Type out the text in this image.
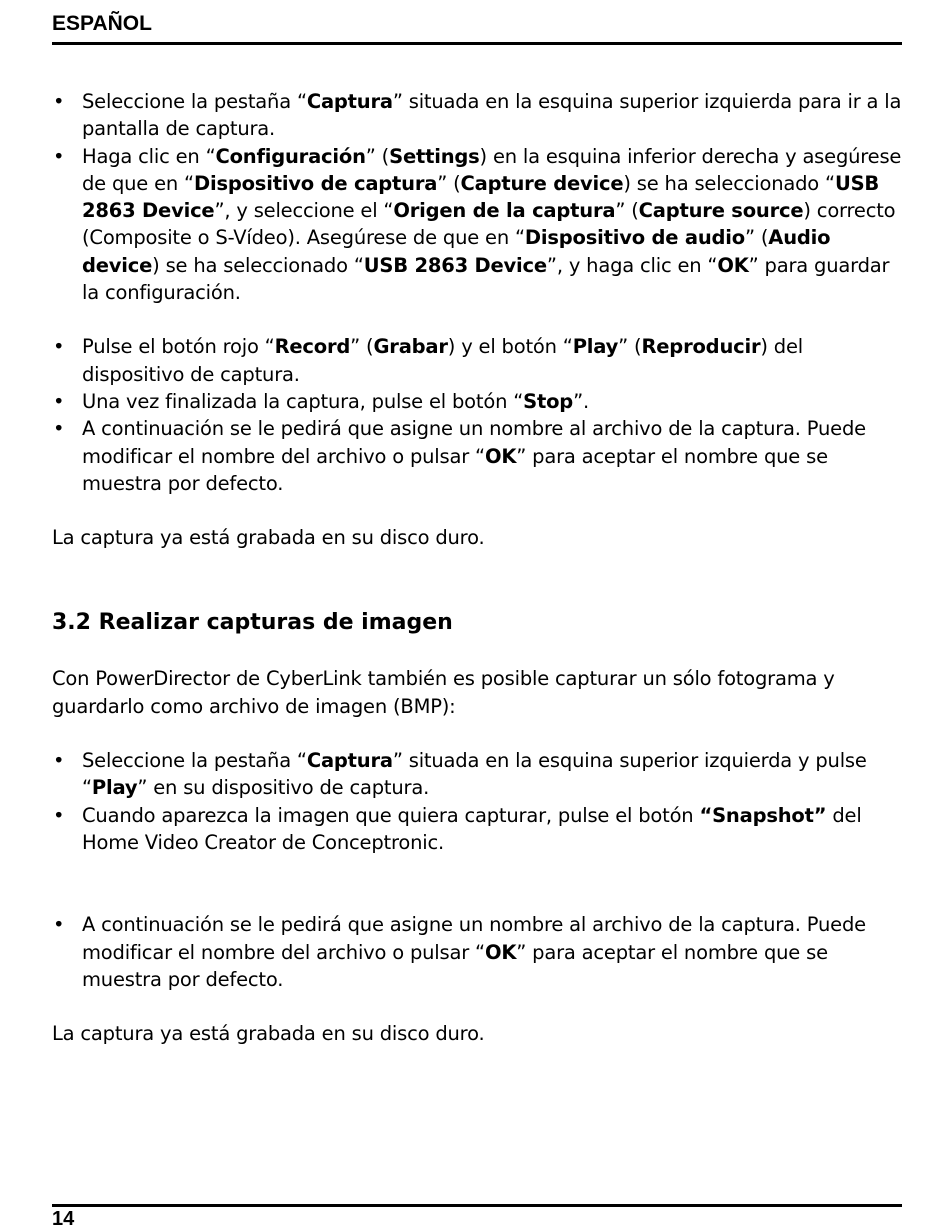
ESPAÑOL
• Seleccione la pestaña “Captura” situada en la esquina superior izquierda para ir a la pantalla de captura.
• Haga clic en “Configuración” (Settings) en la esquina inferior derecha y asegúrese de que en “Dispositivo de captura” (Capture device) se ha seleccionado “USB 2863 Device”, y seleccione el “Origen de la captura” (Capture source) correcto (Composite o S-Vídeo). Asegúrese de que en “Dispositivo de audio” (Audio device) se ha seleccionado “USB 2863 Device”, y haga clic en “OK” para guardar la configuración.
• Pulse el botón rojo “Record” (Grabar) y el botón “Play” (Reproducir) del dispositivo de captura.
• Una vez finalizada la captura, pulse el botón “Stop”.
• A continuación se le pedirá que asigne un nombre al archivo de la captura. Puede modificar el nombre del archivo o pulsar “OK” para aceptar el nombre que se muestra por defecto.

La captura ya está grabada en su disco duro.

3.2 Realizar capturas de imagen

Con PowerDirector de CyberLink también es posible capturar un sólo fotograma y guardarlo como archivo de imagen (BMP):

• Seleccione la pestaña “Captura” situada en la esquina superior izquierda y pulse “Play” en su dispositivo de captura.
• Cuando aparezca la imagen que quiera capturar, pulse el botón “Snapshot” del Home Video Creator de Conceptronic.
• A continuación se le pedirá que asigne un nombre al archivo de la captura. Puede modificar el nombre del archivo o pulsar “OK” para aceptar el nombre que se muestra por defecto.

La captura ya está grabada en su disco duro.

14
